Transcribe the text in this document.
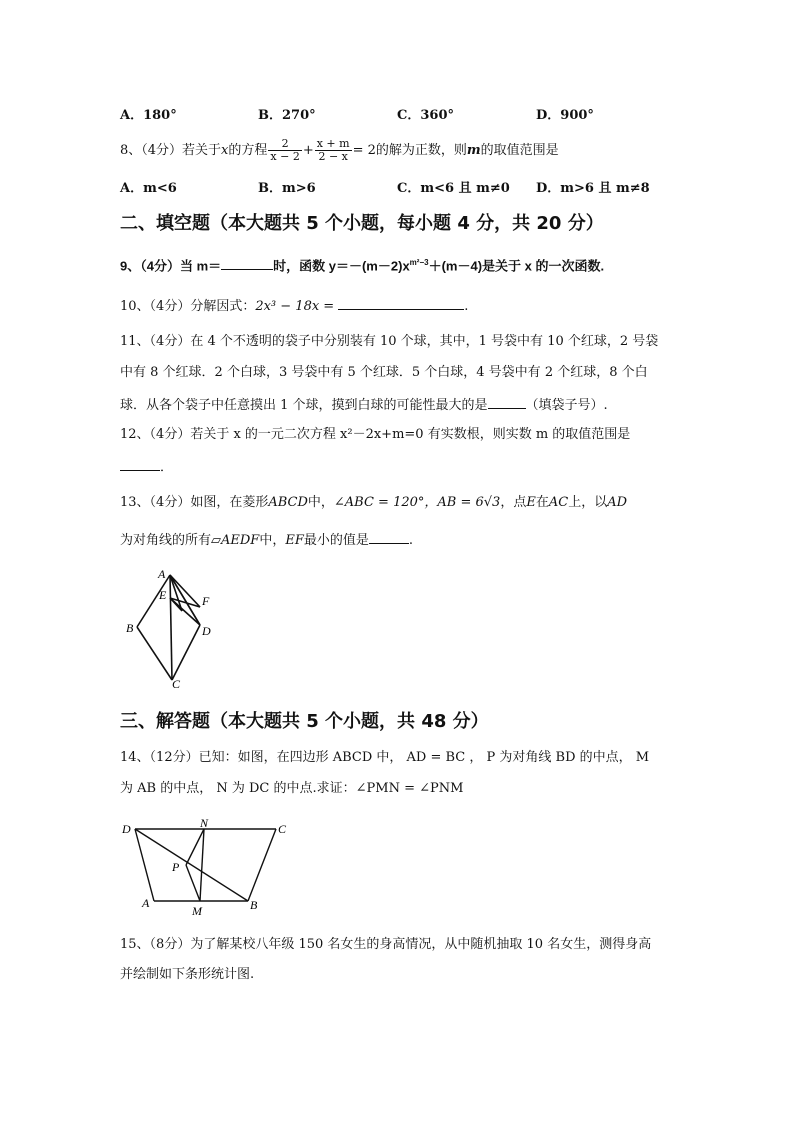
A．180°	B．270°	C．360°	D．900°
8、（4分）若关于x的方程 $\frac{2}{x - 2} + \frac{x + m}{2 - x} = 2$的解为正数，则m的取值范围是
A．m<6	B．m>6	C．m<6 且 m≠0 D．m>6 且 m≠8
二、填空题（本大题共 5 个小题，每小题 4 分，共 20 分）
9、（4分）当 m＝	时，函数 $y=-(m-2)x^{m^2-3}+(m-4)$是关于 x 的一次函数.
10、（4分）分解因式：2x³ − 18x =	.
11、（4分）在 4 个不透明的袋子中分别装有 10 个球，其中，1 号袋中有 10 个红球，2 号袋
中有 8 个红球．2 个白球，3 号袋中有 5 个红球．5 个白球，4 号袋中有 2 个红球，8 个白
球．从各个袋子中任意摸出 1 个球，摸到白球的可能性最大的是	（填袋子号）.
12、（4分）若关于 x 的一元二次方程 x²－2x+m=0 有实数根，则实数 m 的取值范围是
．
13、（4分）如图，在菱形ABCD中，∠ABC = 120°，AB = 6√3，点E在AC上，以AD
为对角线的所有▱AEDF中，EF最小的值是	.
A
B
C
D
E	F
三、解答题（本大题共 5 个小题，共 48 分）
14、（12分）已知：如图，在四边形 ABCD 中， AD = BC ， P 为对角线 BD 的中点， M
为 AB 的中点， N 为 DC 的中点.求证：∠PMN = ∠PNM
D	N	C
P
A
M	B
15、（8分）为了解某校八年级 150 名女生的身高情况，从中随机抽取 10 名女生，测得身高
并绘制如下条形统计图.
